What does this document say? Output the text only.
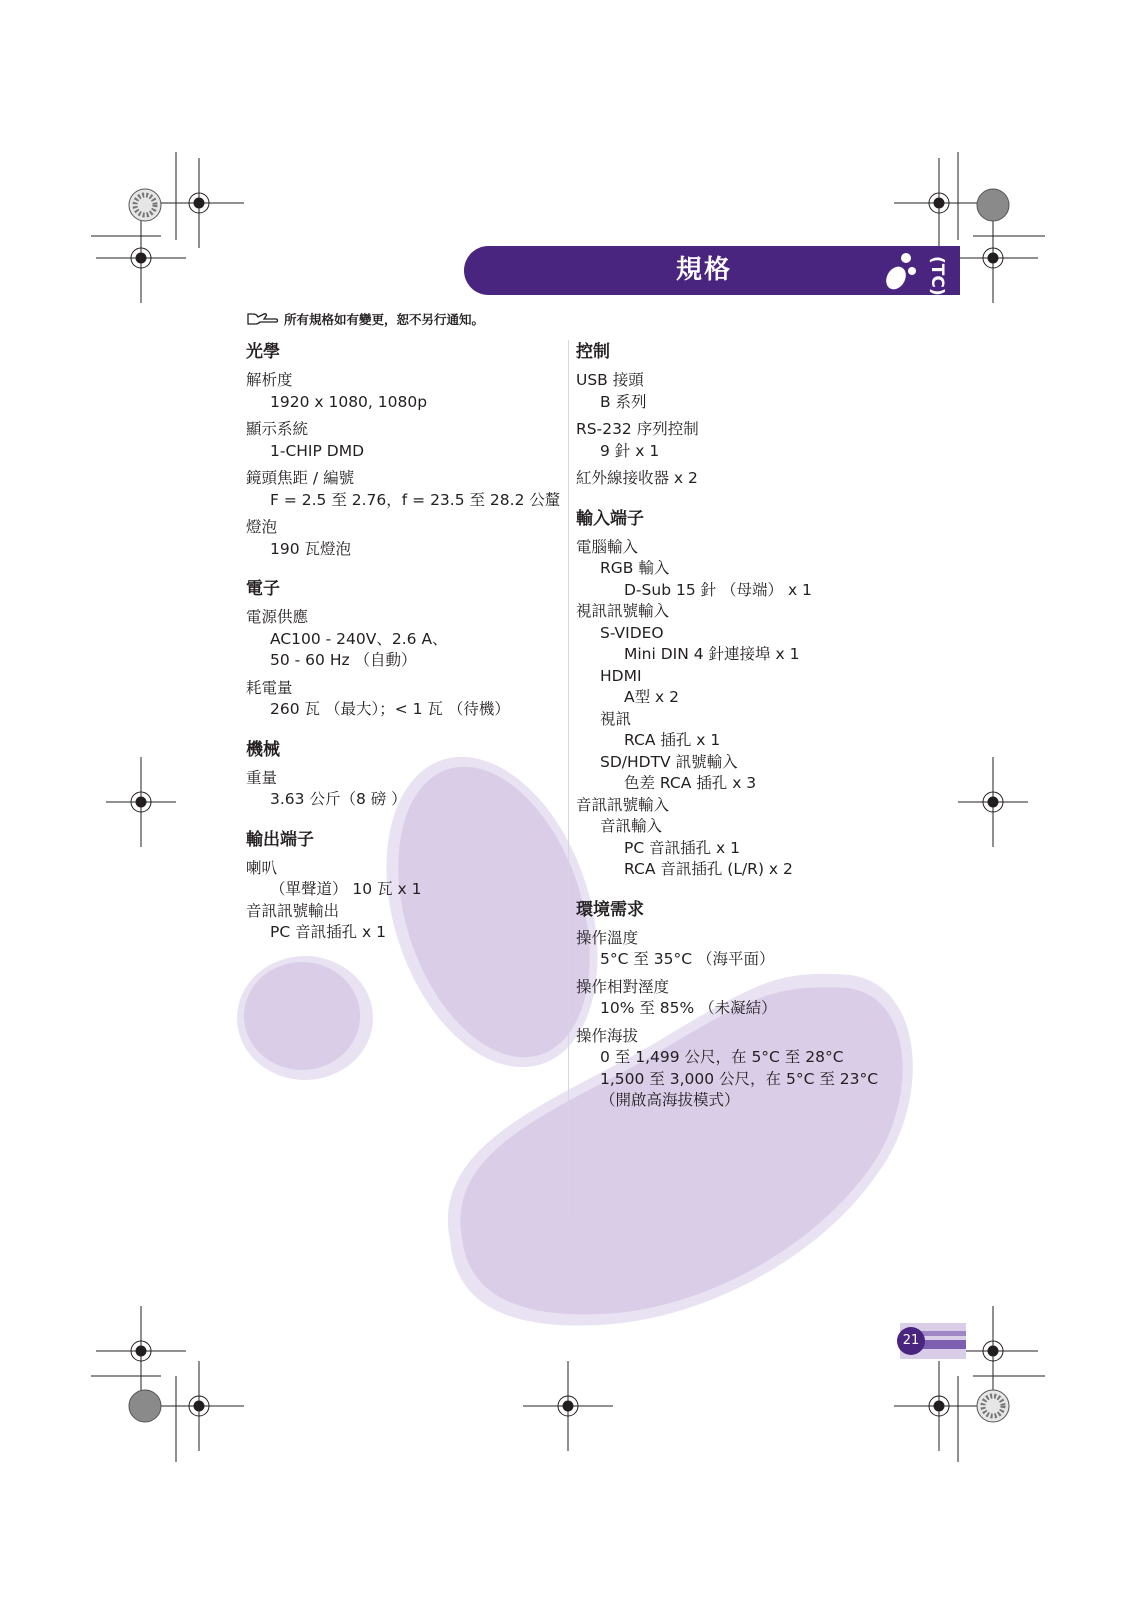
規格	(TC)
所有規格如有變更，恕不另行通知。
光學
解析度
1920 x 1080, 1080p
顯示系統
1-CHIP DMD
鏡頭焦距 / 編號
F = 2.5 至 2.76，f = 23.5 至 28.2 公釐
燈泡
190 瓦燈泡
電子
電源供應
AC100 - 240V、2.6 A、
50 - 60 Hz （自動）
耗電量
260 瓦 （最大）；< 1 瓦 （待機）
機械
重量
3.63 公斤（8 磅 ）
輸出端子
喇叭
（單聲道） 10 瓦 x 1
音訊訊號輸出
PC 音訊插孔 x 1
控制
USB 接頭
B 系列
RS-232 序列控制
9 針 x 1
紅外線接收器 x 2
輸入端子
電腦輸入
RGB 輸入
D-Sub 15 針 （母端） x 1
視訊訊號輸入
S-VIDEO
Mini DIN 4 針連接埠 x 1
HDMI
A型 x 2
視訊
RCA 插孔 x 1
SD/HDTV 訊號輸入
色差 RCA 插孔 x 3
音訊訊號輸入
音訊輸入
PC 音訊插孔 x 1
RCA 音訊插孔 (L/R) x 2
環境需求
操作溫度
5°C 至 35°C （海平面）
操作相對溼度
10% 至 85% （未凝結）
操作海拔
0 至 1,499 公尺，在 5°C 至 28°C
1,500 至 3,000 公尺，在 5°C 至 23°C
（開啟高海拔模式）
21
